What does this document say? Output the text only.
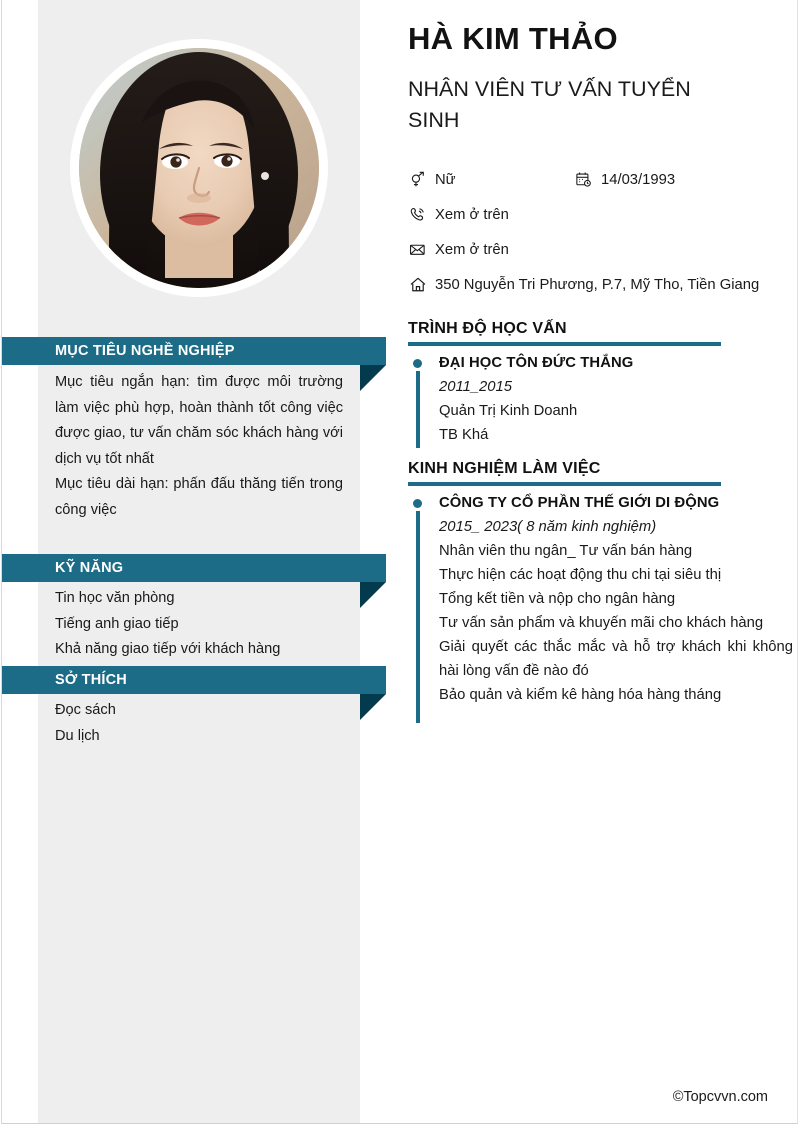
MỤC TIÊU NGHỀ NGHIỆP

Mục tiêu ngắn hạn: tìm được môi trường làm việc phù hợp, hoàn thành tốt công việc được giao, tư vấn chăm sóc khách hàng với dịch vụ tốt nhất

Mục tiêu dài hạn: phấn đấu thăng tiến trong công việc

KỸ NĂNG

Tin học văn phòng

Tiếng anh giao tiếp

Khả năng giao tiếp với khách hàng

SỞ THÍCH

Đọc sách

Du lịch

HÀ KIM THẢO
NHÂN VIÊN TƯ VẤN TUYỂN SINH
Nữ	14/03/1993
Xem ở trên
Xem ở trên
350 Nguyễn Tri Phương, P.7, Mỹ Tho, Tiền Giang
TRÌNH ĐỘ HỌC VẤN
ĐẠI HỌC TÔN ĐỨC THẮNG
2011_2015
Quản Trị Kinh Doanh
TB Khá
KINH NGHIỆM LÀM VIỆC
CÔNG TY CỔ PHẦN THẾ GIỚI DI ĐỘNG
2015_ 2023( 8 năm kinh nghiệm)
Nhân viên thu ngân_ Tư vấn bán hàng
Thực hiện các hoạt động thu chi tại siêu thị
Tổng kết tiền và nộp cho ngân hàng
Tư vấn sản phẩm và khuyến mãi cho khách hàng
Giải quyết các thắc mắc và hỗ trợ khách khi không hài lòng vấn đề nào đó
Bảo quản và kiểm kê hàng hóa hàng tháng
©Topcvvn.com
